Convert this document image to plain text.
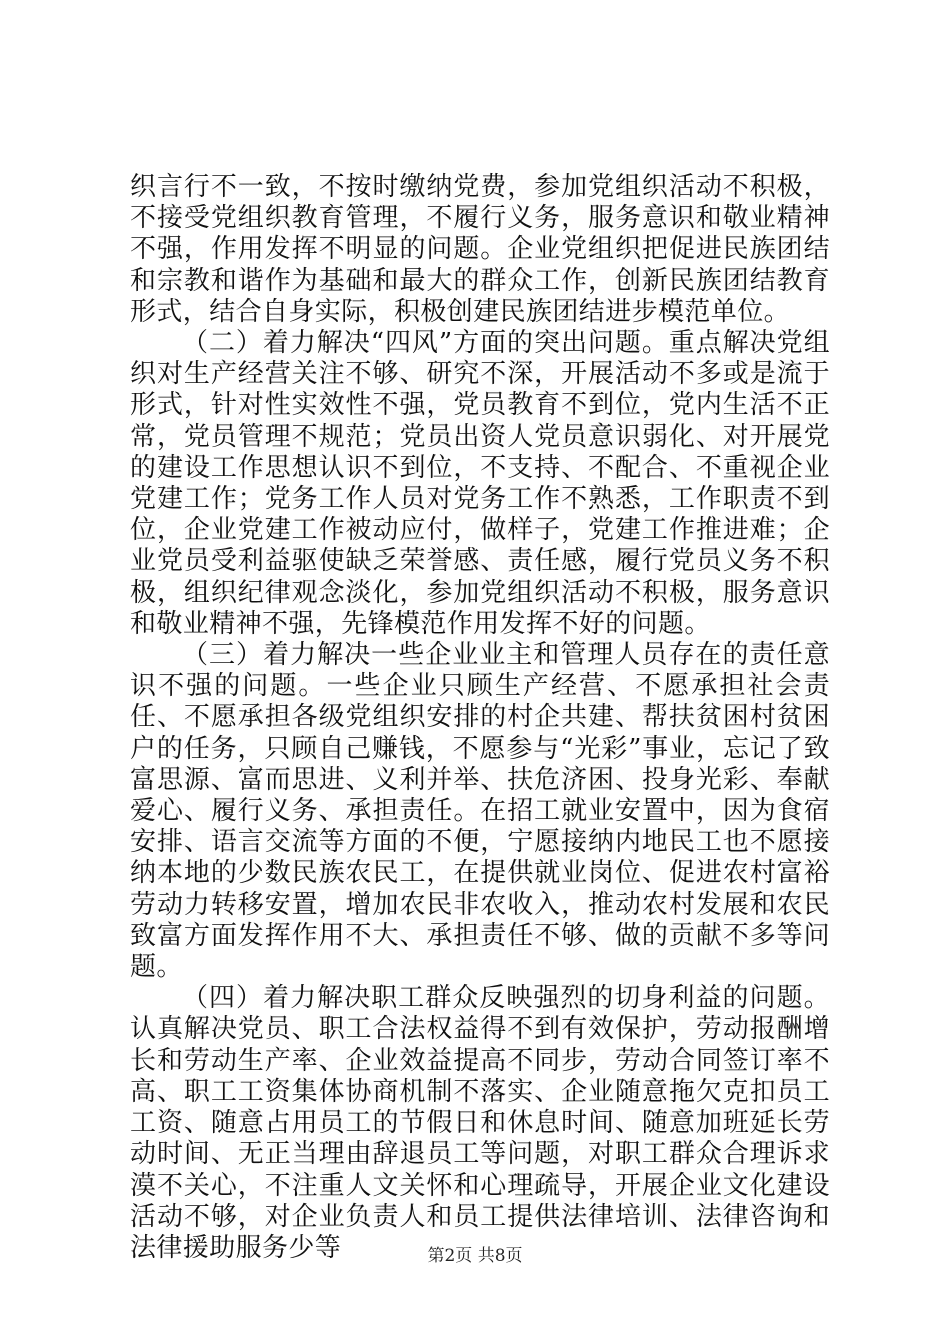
织言行不一致，不按时缴纳党费，参加党组织活动不积极，不接受党组织教育管理，不履行义务，服务意识和敬业精神不强，作用发挥不明显的问题。企业党组织把促进民族团结和宗教和谐作为基础和最大的群众工作，创新民族团结教育形式，结合自身实际，积极创建民族团结进步模范单位。

（二）着力解决“四风”方面的突出问题。重点解决党组织对生产经营关注不够、研究不深，开展活动不多或是流于形式，针对性实效性不强，党员教育不到位，党内生活不正常，党员管理不规范；党员出资人党员意识弱化、对开展党的建设工作思想认识不到位，不支持、不配合、不重视企业党建工作；党务工作人员对党务工作不熟悉，工作职责不到位，企业党建工作被动应付，做样子，党建工作推进难；企业党员受利益驱使缺乏荣誉感、责任感，履行党员义务不积极，组织纪律观念淡化，参加党组织活动不积极，服务意识和敬业精神不强，先锋模范作用发挥不好的问题。

（三）着力解决一些企业业主和管理人员存在的责任意识不强的问题。一些企业只顾生产经营、不愿承担社会责任、不愿承担各级党组织安排的村企共建、帮扶贫困村贫困户的任务，只顾自己赚钱，不愿参与“光彩”事业，忘记了致富思源、富而思进、义利并举、扶危济困、投身光彩、奉献爱心、履行义务、承担责任。在招工就业安置中，因为食宿安排、语言交流等方面的不便，宁愿接纳内地民工也不愿接纳本地的少数民族农民工，在提供就业岗位、促进农村富裕劳动力转移安置，增加农民非农收入，推动农村发展和农民致富方面发挥作用不大、承担责任不够、做的贡献不多等问题。

（四）着力解决职工群众反映强烈的切身利益的问题。认真解决党员、职工合法权益得不到有效保护，劳动报酬增长和劳动生产率、企业效益提高不同步，劳动合同签订率不高、职工工资集体协商机制不落实、企业随意拖欠克扣员工工资、随意占用员工的节假日和休息时间、随意加班延长劳动时间、无正当理由辞退员工等问题，对职工群众合理诉求漠不关心，不注重人文关怀和心理疏导，开展企业文化建设活动不够，对企业负责人和员工提供法律培训、法律咨询和法律援助服务少等	第2页 共8页
